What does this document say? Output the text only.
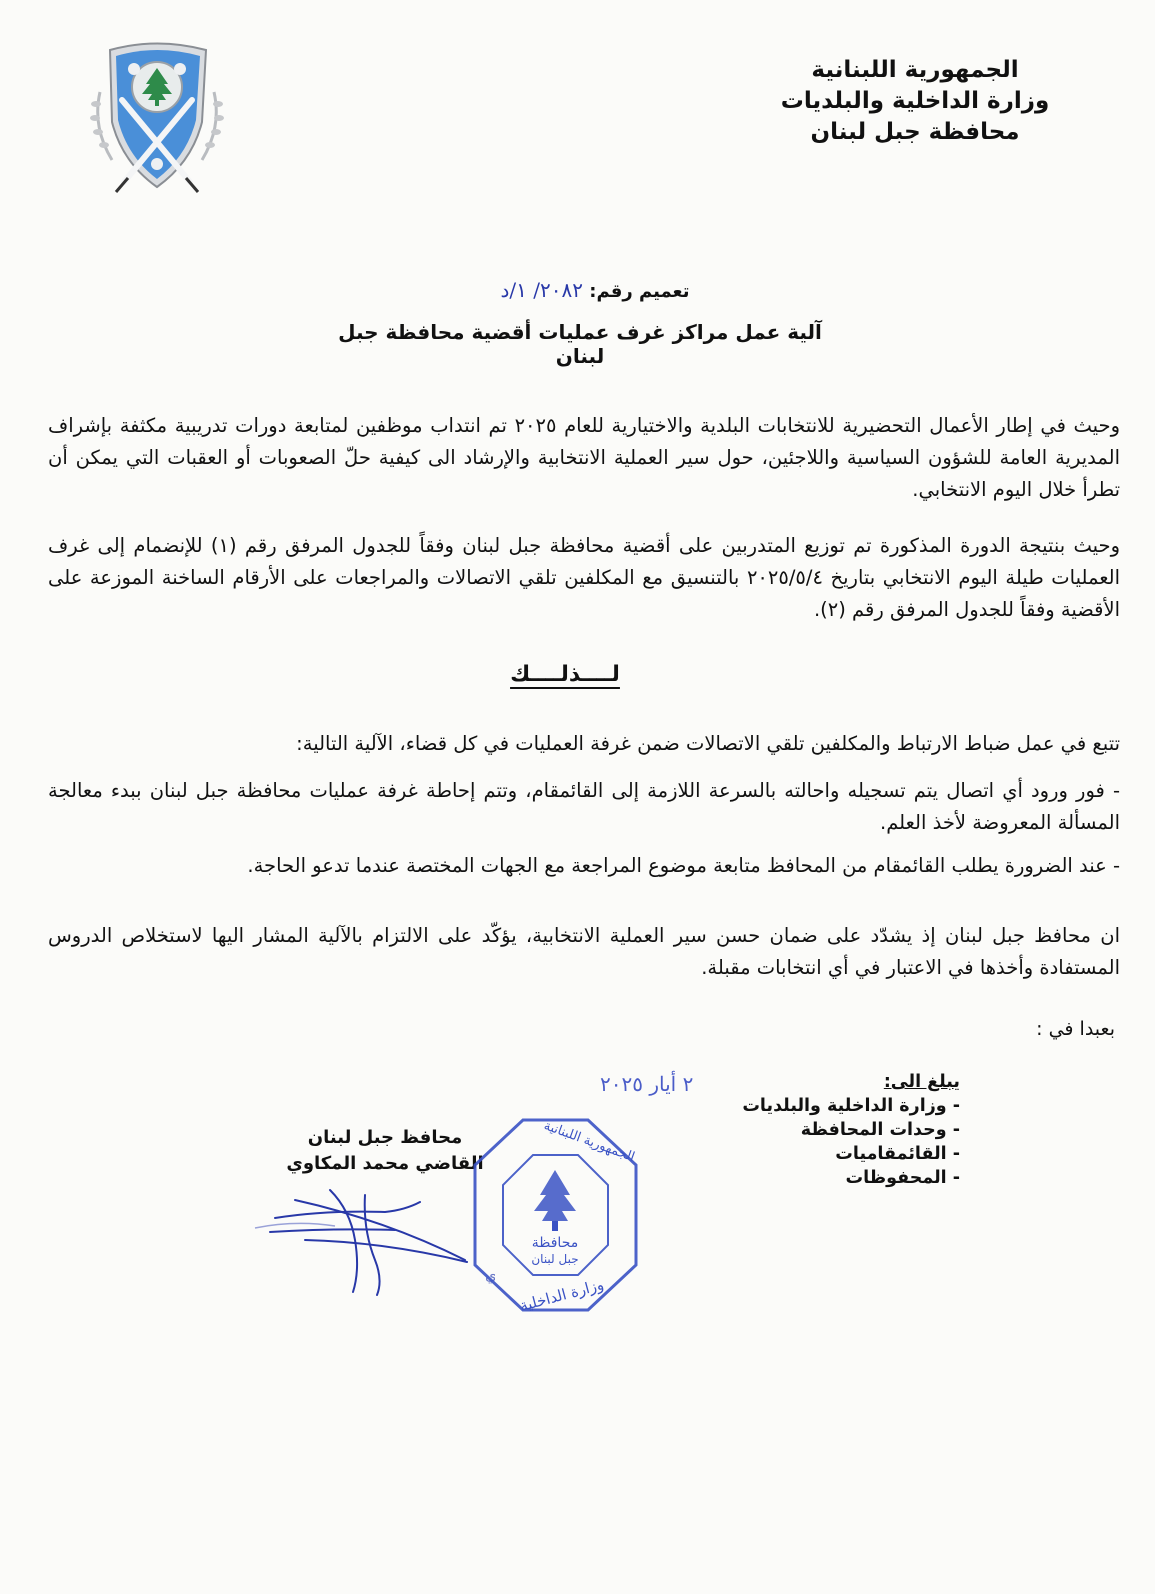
الجمهورية اللبنانية
وزارة الداخلية والبلديات
محافظة جبل لبنان
تعميم رقم: ٢٠٨٢/ ١/د
آلية عمل مراكز غرف عمليات أقضية محافظة جبل لبنان
وحيث في إطار الأعمال التحضيرية للانتخابات البلدية والاختيارية للعام ٢٠٢٥ تم انتداب موظفين لمتابعة دورات تدريبية مكثفة بإشراف المديرية العامة للشؤون السياسية واللاجئين، حول سير العملية الانتخابية والإرشاد الى كيفية حلّ الصعوبات أو العقبات التي يمكن أن تطرأ خلال اليوم الانتخابي.
وحيث بنتيجة الدورة المذكورة تم توزيع المتدربين على أقضية محافظة جبل لبنان وفقاً للجدول المرفق رقم (١) للإنضمام إلى غرف العمليات طيلة اليوم الانتخابي بتاريخ ٢٠٢٥/٥/٤ بالتنسيق مع المكلفين تلقي الاتصالات والمراجعات على الأرقام الساخنة الموزعة على الأقضية وفقاً للجدول المرفق رقم (٢).
لــــذلــــك
تتبع في عمل ضباط الارتباط والمكلفين تلقي الاتصالات ضمن غرفة العمليات في كل قضاء، الآلية التالية:
- فور ورود أي اتصال يتم تسجيله واحالته بالسرعة اللازمة إلى القائمقام، وتتم إحاطة غرفة عمليات محافظة جبل لبنان ببدء معالجة المسألة المعروضة لأخذ العلم.
- عند الضرورة يطلب القائمقام من المحافظ متابعة موضوع المراجعة مع الجهات المختصة عندما تدعو الحاجة.
ان محافظ جبل لبنان إذ يشدّد على ضمان حسن سير العملية الانتخابية، يؤكّد على الالتزام بالآلية المشار اليها لاستخلاص الدروس المستفادة وأخذها في الاعتبار في أي انتخابات مقبلة.
بعبدا في :
٢ أيار ٢٠٢٥	يبلغ الى:
- وزارة الداخلية والبلديات
- وحدات المحافظة
- القائمقاميات
- المحفوظات
محافظ جبل لبنان
القاضي محمد المكاوي
ي
محافظة
جبل لبنان
الجمهورية اللبنانية
وزارة الداخلية
